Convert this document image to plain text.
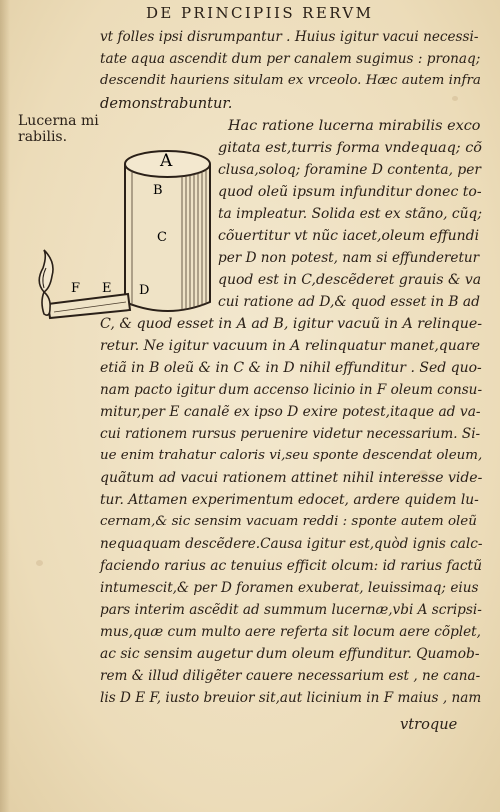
DE PRINCIPIIS RERVM
Lucerna mi
rabilis.
A
B
C
D
E
F
vt folles ipsi disrumpantur . Huius igitur vacui necessi-
tate aqua ascendit dum per canalem sugimus : pronaq;
descendit hauriens situlam ex vrceolo. Hæc autem infra
demonstrabuntur.
Hac ratione lucerna mirabilis exco
gitata est,turris forma vndequaq; cõ
clusa,soloq; foramine D contenta, per
quod oleũ ipsum infunditur donec to-
ta impleatur. Solida est ex stãno, cũq;
cõuertitur vt nũc iacet,oleum effundi
per D non potest, nam si effunderetur
quod est in C,descẽderet grauis & va
cui ratione ad D,& quod esset in B ad
C, & quod esset in A ad B, igitur vacuũ in A relinque-
retur. Ne igitur vacuum in A relinquatur manet,quare
etiã in B oleũ & in C & in D nihil effunditur . Sed quo-
nam pacto igitur dum accenso licinio in F oleum consu-
mitur,per E canalẽ ex ipso D exire potest,itaque ad va-
cui rationem rursus peruenire videtur necessarium. Si-
ue enim trahatur caloris vi,seu sponte descendat oleum,
quãtum ad vacui rationem attinet nihil interesse vide-
tur. Attamen experimentum edocet, ardere quidem lu-
cernam,& sic sensim vacuam reddi : sponte autem oleũ
nequaquam descẽdere.Causa igitur est,quòd ignis calc-
faciendo rarius ac tenuius efficit olcum: id rarius factũ
intumescit,& per D foramen exuberat, leuissimaq; eius
pars interim ascẽdit ad summum lucernæ,vbi A scripsi-
mus,quæ cum multo aere referta sit locum aere cõplet,
ac sic sensim augetur dum oleum effunditur. Quamob-
rem & illud diligẽter cauere necessarium est , ne cana-
lis D E F, iusto breuior sit,aut licinium in F maius , nam
vtroque
